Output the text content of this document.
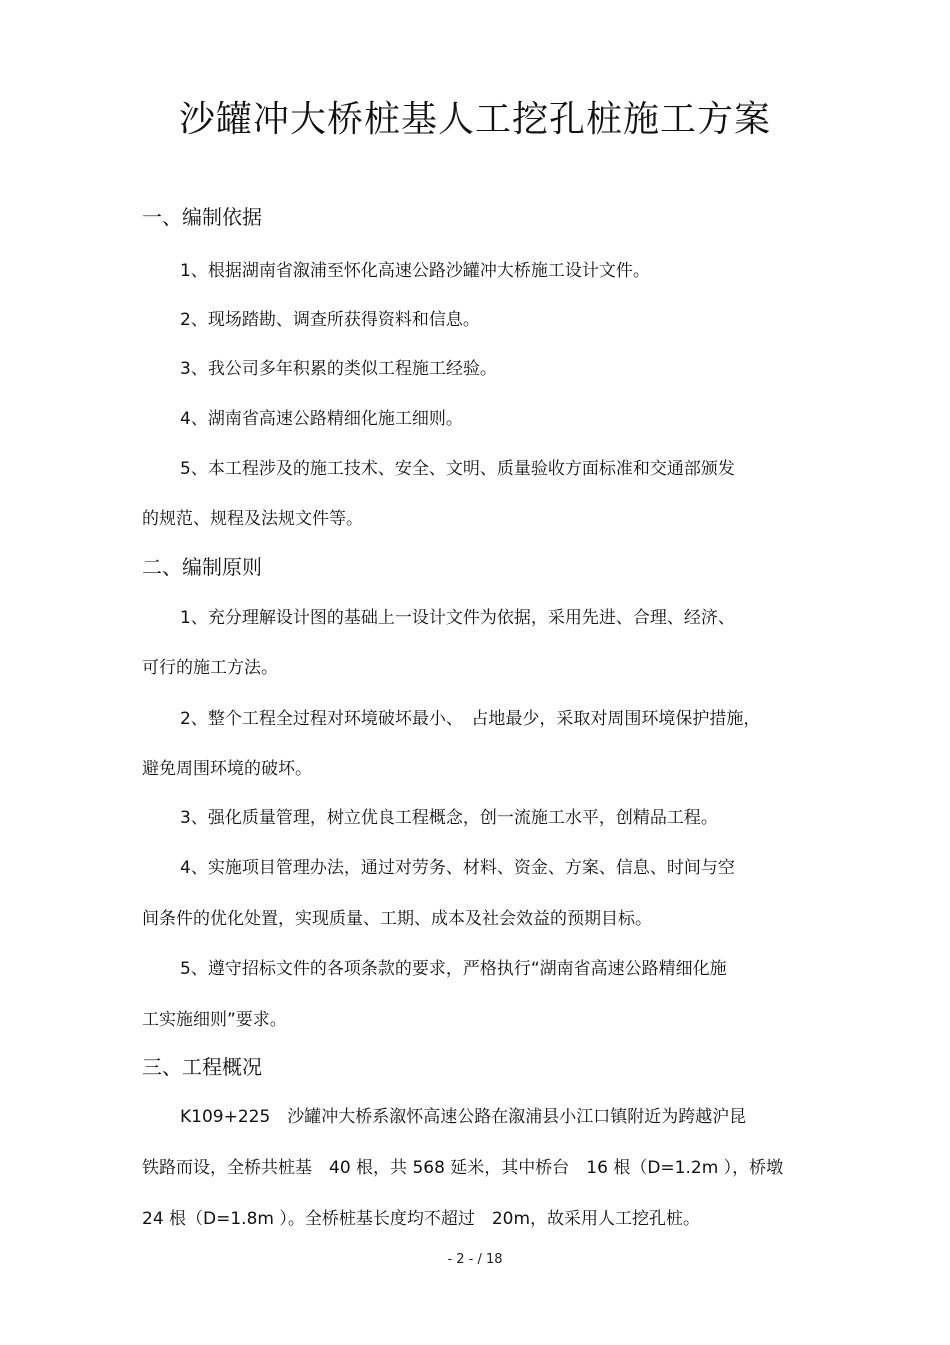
沙罐冲大桥桩基人工挖孔桩施工方案
一、编制依据
1、根据湖南省溆浦至怀化高速公路沙罐冲大桥施工设计文件。
2、现场踏勘、调查所获得资料和信息。
3、我公司多年积累的类似工程施工经验。
4、湖南省高速公路精细化施工细则。
5、本工程涉及的施工技术、安全、文明、质量验收方面标准和交通部颁发
的规范、规程及法规文件等。
二、编制原则
1、充分理解设计图的基础上一设计文件为依据，采用先进、合理、经济、
可行的施工方法。
2、整个工程全过程对环境破坏最小、　占地最少，采取对周围环境保护措施，
避免周围环境的破坏。
3、强化质量管理，树立优良工程概念，创一流施工水平，创精品工程。
4、实施项目管理办法，通过对劳务、材料、资金、方案、信息、时间与空
间条件的优化处置，实现质量、工期、成本及社会效益的预期目标。
5、遵守招标文件的各项条款的要求，严格执行“湖南省高速公路精细化施
工实施细则”要求。
三、工程概况
K109+225　沙罐冲大桥系溆怀高速公路在溆浦县小江口镇附近为跨越沪昆
铁路而设，全桥共桩基　40 根，共 568 延米，其中桥台　16 根（D=1.2m ），桥墩
24 根（D=1.8m ）。全桥桩基长度均不超过　20m，故采用人工挖孔桩。
- 2 - / 18
